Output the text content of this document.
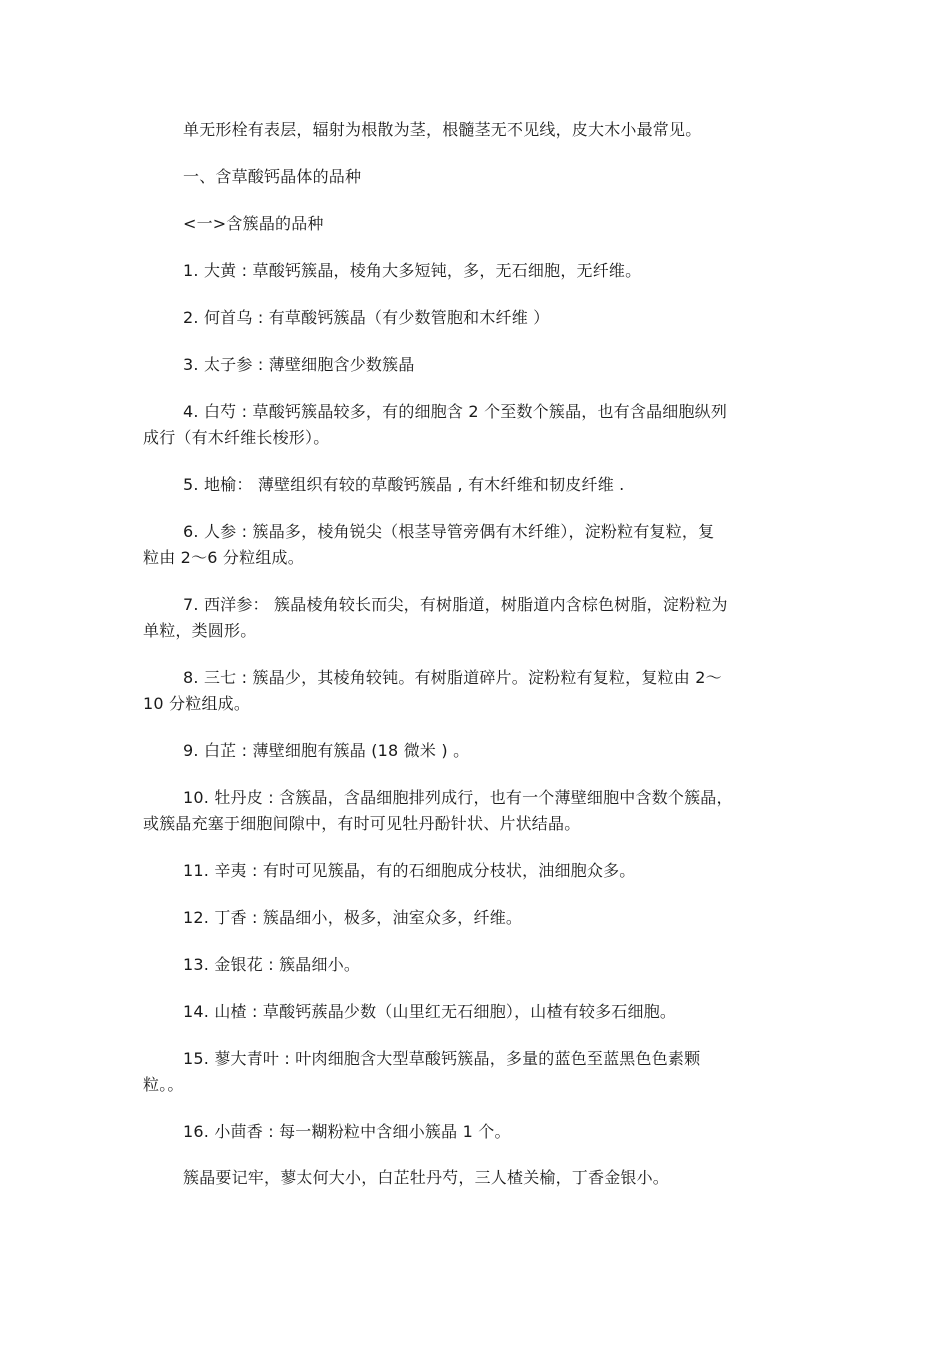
单无形栓有表层，辐射为根散为茎，根髓茎无不见线，皮大木小最常见。
一、含草酸钙晶体的品种
<一>含簇晶的品种
1. 大黄 : 草酸钙簇晶，棱角大多短钝，多，无石细胞，无纤维。
2. 何首乌 : 有草酸钙簇晶（有少数管胞和木纤维 ）
3. 太子参 : 薄壁细胞含少数簇晶
4. 白芍 : 草酸钙簇晶较多，有的细胞含 2 个至数个簇晶，也有含晶细胞纵列
成行（有木纤维长梭形）。
5. 地榆： 薄壁组织有较的草酸钙簇晶 , 有木纤维和韧皮纤维 .
6. 人参 : 簇晶多，棱角锐尖（根茎导管旁偶有木纤维），淀粉粒有复粒，复
粒由 2～6 分粒组成。
7. 西洋参： 簇晶棱角较长而尖，有树脂道，树脂道内含棕色树脂，淀粉粒为
单粒，类圆形。
8. 三七 : 簇晶少，其棱角较钝。有树脂道碎片。淀粉粒有复粒，复粒由 2～
10 分粒组成。
9. 白芷 : 薄壁细胞有簇晶 (18 微米 ) 。
10. 牡丹皮 : 含簇晶，含晶细胞排列成行，也有一个薄壁细胞中含数个簇晶，
或簇晶充塞于细胞间隙中，有时可见牡丹酚针状、片状结晶。
11. 辛夷 : 有时可见簇晶，有的石细胞成分枝状，油细胞众多。
12. 丁香 : 簇晶细小，极多，油室众多，纤维。
13. 金银花 : 簇晶细小。
14. 山楂 : 草酸钙蔟晶少数（山里红无石细胞），山楂有较多石细胞。
15. 蓼大青叶 : 叶肉细胞含大型草酸钙簇晶，多量的蓝色至蓝黑色色素颗
粒。。
16. 小茴香 : 每一糊粉粒中含细小簇晶 1 个。
簇晶要记牢，蓼太何大小，白芷牡丹芍，三人楂关榆，丁香金银小。
